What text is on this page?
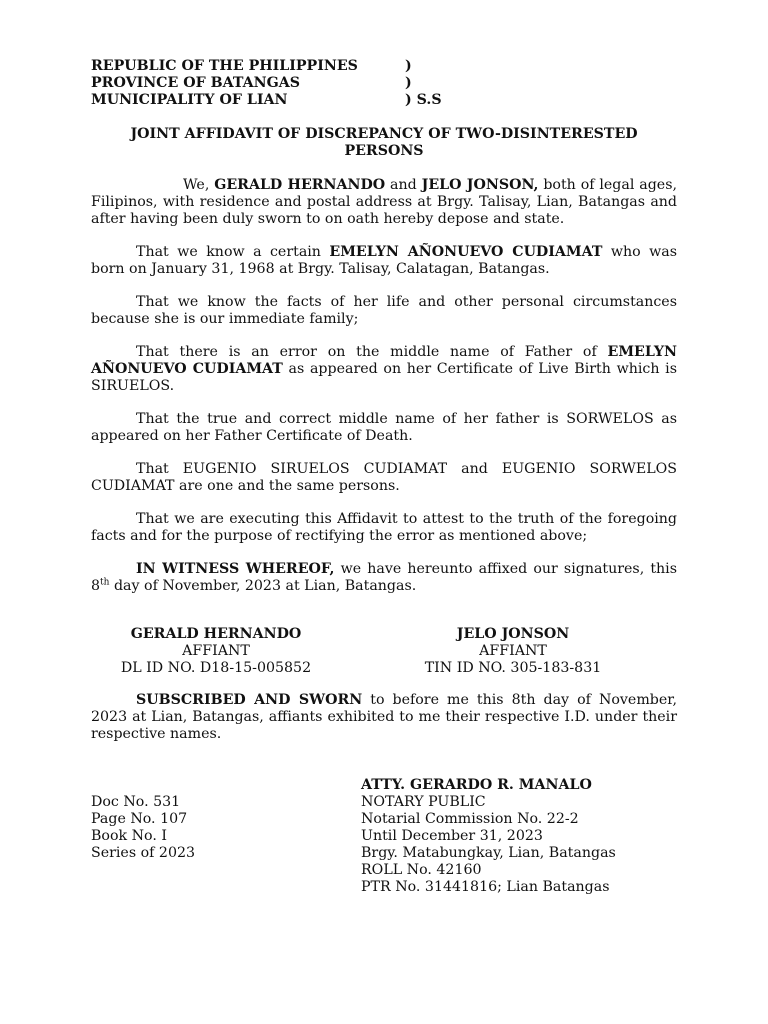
REPUBLIC OF THE PHILIPPINES	)
PROVINCE OF BATANGAS	)
MUNICIPALITY OF LIAN	) S.S
JOINT AFFIDAVIT OF DISCREPANCY OF TWO-DISINTERESTED PERSONS

We, GERALD HERNANDO and JELO JONSON, both of legal ages, Filipinos, with residence and postal address at Brgy. Talisay, Lian, Batangas and after having been duly sworn to on oath hereby depose and state.

That we know a certain EMELYN AÑONUEVO CUDIAMAT who was born on January 31, 1968 at Brgy. Talisay, Calatagan, Batangas.

That we know the facts of her life and other personal circumstances because she is our immediate family;

That there is an error on the middle name of Father of EMELYN AÑONUEVO CUDIAMAT as appeared on her Certificate of Live Birth which is SIRUELOS.

That the true and correct middle name of her father is SORWELOS as appeared on her Father Certificate of Death.

That EUGENIO SIRUELOS CUDIAMAT and EUGENIO SORWELOS CUDIAMAT are one and the same persons.

That we are executing this Affidavit to attest to the truth of the foregoing facts and for the purpose of rectifying the error as mentioned above;

IN WITNESS WHEREOF, we have hereunto affixed our signatures, this 8th day of November, 2023 at Lian, Batangas.

GERALD HERNANDO
AFFIANT
DL ID NO. D18-15-005852
JELO JONSON
AFFIANT
TIN ID NO. 305-183-831

SUBSCRIBED AND SWORN to before me this 8th day of November, 2023 at Lian, Batangas, affiants exhibited to me their respective I.D. under their respective names.

Doc No. 531
Page No. 107
Book No. I
Series of 2023
ATTY. GERARDO R. MANALO
NOTARY PUBLIC
Notarial Commission No. 22-2
Until December 31, 2023
Brgy. Matabungkay, Lian, Batangas
ROLL No. 42160
PTR No. 31441816; Lian Batangas
